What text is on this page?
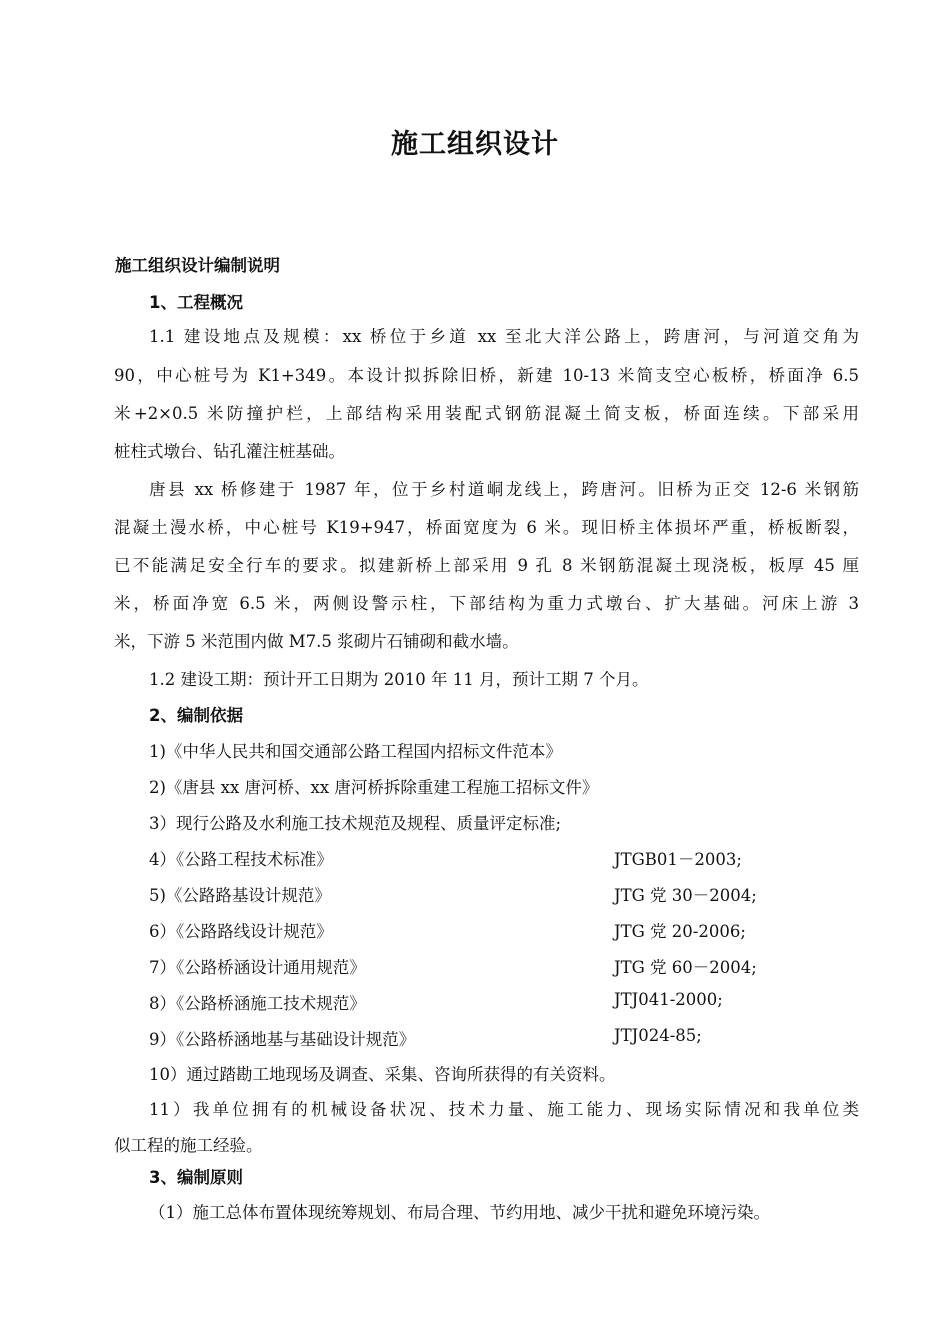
施工组织设计
施工组织设计编制说明
1、工程概况
1.1 建设地点及规模：xx 桥位于乡道 xx 至北大洋公路上，跨唐河，与河道交角为
90，中心桩号为 K1+349。本设计拟拆除旧桥，新建 10-13 米简支空心板桥，桥面净 6.5
米+2×0.5 米防撞护栏，上部结构采用装配式钢筋混凝土简支板，桥面连续。下部采用
桩柱式墩台、钻孔灌注桩基础。
唐县 xx 桥修建于 1987 年，位于乡村道峒龙线上，跨唐河。旧桥为正交 12-6 米钢筋
混凝土漫水桥，中心桩号 K19+947，桥面宽度为 6 米。现旧桥主体损坏严重，桥板断裂，
已不能满足安全行车的要求。拟建新桥上部采用 9 孔 8 米钢筋混凝土现浇板，板厚 45 厘
米，桥面净宽 6.5 米，两侧设警示柱，下部结构为重力式墩台、扩大基础。河床上游 3
米，下游 5 米范围内做 M7.5 浆砌片石铺砌和截水墙。
1.2 建设工期：预计开工日期为 2010 年 11 月，预计工期 7 个月。
2、编制依据
1)《中华人民共和国交通部公路工程国内招标文件范本》
2)《唐县 xx 唐河桥、xx 唐河桥拆除重建工程施工招标文件》
3）现行公路及水利施工技术规范及规程、质量评定标准;
4）《公路工程技术标准》	JTGB01－2003;
5)《公路路基设计规范》	JTG 党 30－2004;
6）《公路路线设计规范》	JTG 党 20-2006;
7）《公路桥涵设计通用规范》	JTG 党 60－2004;
8）《公路桥涵施工技术规范》	JTJ041-2000;
9）《公路桥涵地基与基础设计规范》	JTJ024-85;
10）通过踏勘工地现场及调查、采集、咨询所获得的有关资料。
11）我单位拥有的机械设备状况、技术力量、施工能力、现场实际情况和我单位类
似工程的施工经验。
3、编制原则
（1）施工总体布置体现统筹规划、布局合理、节约用地、减少干扰和避免环境污染。
